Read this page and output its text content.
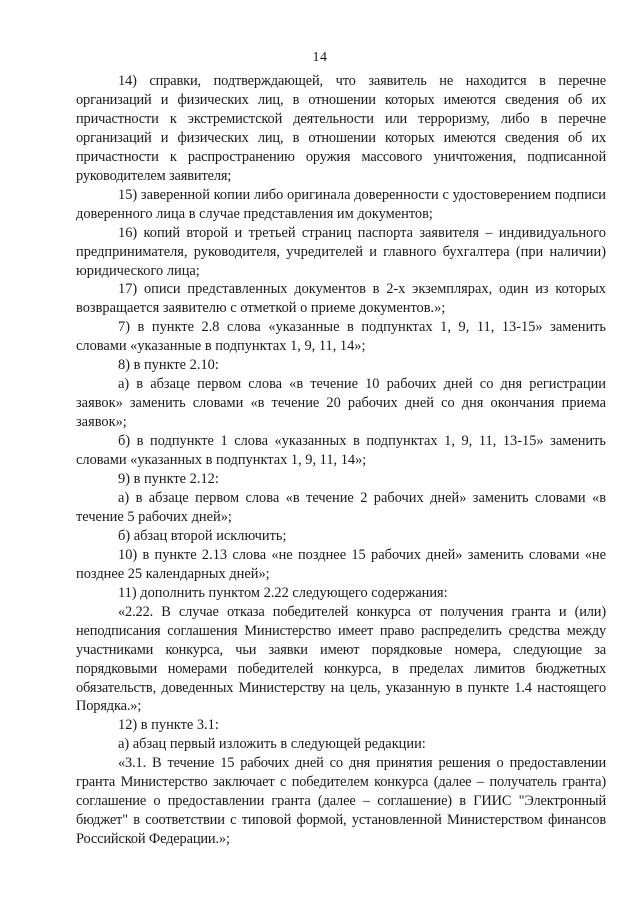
14

14) справки, подтверждающей, что заявитель не находится в перечне организаций и физических лиц, в отношении которых имеются сведения об их причастности к экстремистской деятельности или терроризму, либо в перечне организаций и физических лиц, в отношении которых имеются сведения об их причастности к распространению оружия массового уничтожения, подписанной руководителем заявителя;

15) заверенной копии либо оригинала доверенности с удостоверением подписи доверенного лица в случае представления им документов;

16) копий второй и третьей страниц паспорта заявителя – индивидуального предпринимателя, руководителя, учредителей и главного бухгалтера (при наличии) юридического лица;

17) описи представленных документов в 2-х экземплярах, один из которых возвращается заявителю с отметкой о приеме документов.»;

7) в пункте 2.8 слова «указанные в подпунктах 1, 9, 11, 13-15» заменить словами «указанные в подпунктах 1, 9, 11, 14»;

8) в пункте 2.10:

а) в абзаце первом слова «в течение 10 рабочих дней со дня регистрации заявок» заменить словами «в течение 20 рабочих дней со дня окончания приема заявок»;

б) в подпункте 1 слова «указанных в подпунктах 1, 9, 11, 13-15» заменить словами «указанных в подпунктах 1, 9, 11, 14»;

9) в пункте 2.12:

а) в абзаце первом слова «в течение 2 рабочих дней» заменить словами «в течение 5 рабочих дней»;

б) абзац второй исключить;

10) в пункте 2.13 слова «не позднее 15 рабочих дней» заменить словами «не позднее 25 календарных дней»;

11) дополнить пунктом 2.22 следующего содержания:

«2.22. В случае отказа победителей конкурса от получения гранта и (или) неподписания соглашения Министерство имеет право распределить средства между участниками конкурса, чьи заявки имеют порядковые номера, следующие за порядковыми номерами победителей конкурса, в пределах лимитов бюджетных обязательств, доведенных Министерству на цель, указанную в пункте 1.4 настоящего Порядка.»;

12) в пункте 3.1:

а) абзац первый изложить в следующей редакции:

«3.1. В течение 15 рабочих дней со дня принятия решения о предоставлении гранта Министерство заключает с победителем конкурса (далее – получатель гранта) соглашение о предоставлении гранта (далее – соглашение) в ГИИС "Электронный бюджет" в соответствии с типовой формой, установленной Министерством финансов Российской Федерации.»;
